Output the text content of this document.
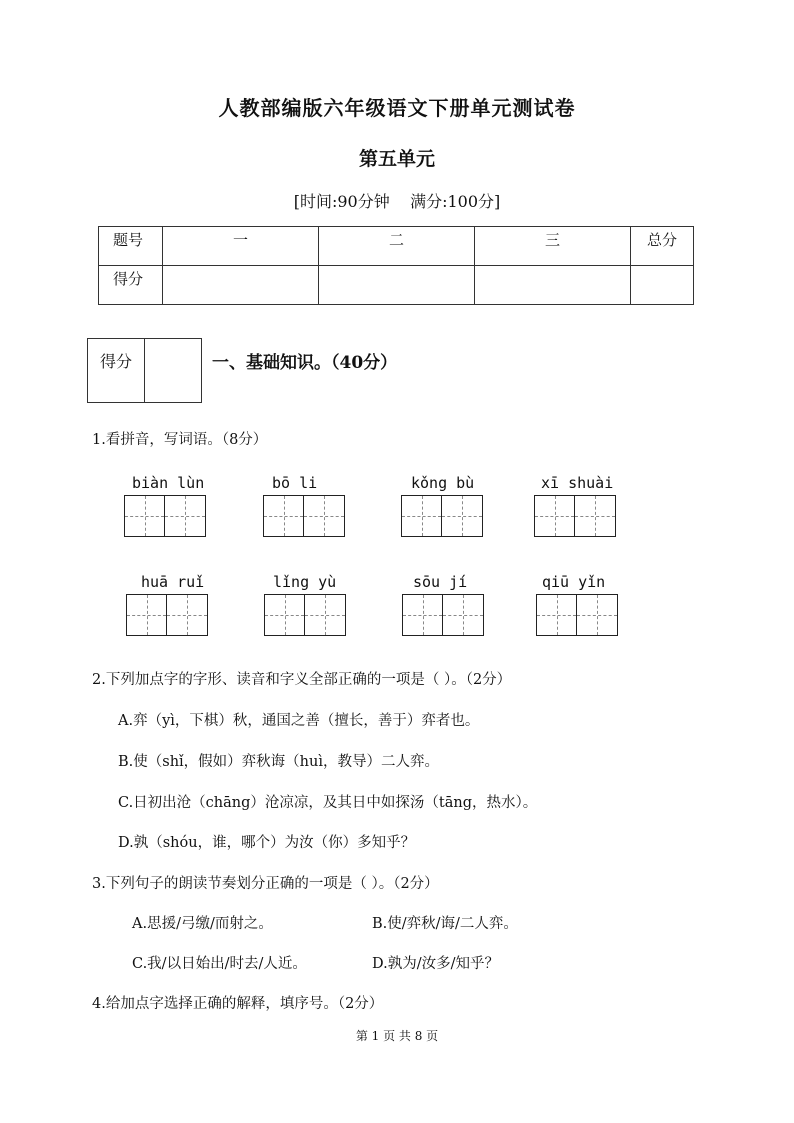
人教部编版六年级语文下册单元测试卷
第五单元
[时间:90分钟    满分:100分]
题号	一	二	三	总分
得分				
得分		一、基础知识。（40分）
1.看拼音，写词语。（8分）
biàn lùn	bō li	kǒng bù	xī shuài
huā ruǐ	lǐng yù	sōu jí	qiū yǐn
2.下列加点字的字形、读音和字义全部正确的一项是（ ）。（2分）
A.弈（yì，下棋）秋，通国之善（擅长，善于）弈者也。
B.使（shǐ，假如）弈秋诲（huì，教导）二人弈。
C.日初出沧（chāng）沧凉凉，及其日中如探汤（tāng，热水）。
D.孰（shóu，谁，哪个）为汝（你）多知乎？
3.下列句子的朗读节奏划分正确的一项是（ ）。（2分）
A.思援/弓缴/而射之。	B.使/弈秋/诲/二人弈。
C.我/以日始出/时去/人近。	D.孰为/汝多/知乎？
4.给加点字选择正确的解释，填序号。（2分）
第 1 页 共 8 页
